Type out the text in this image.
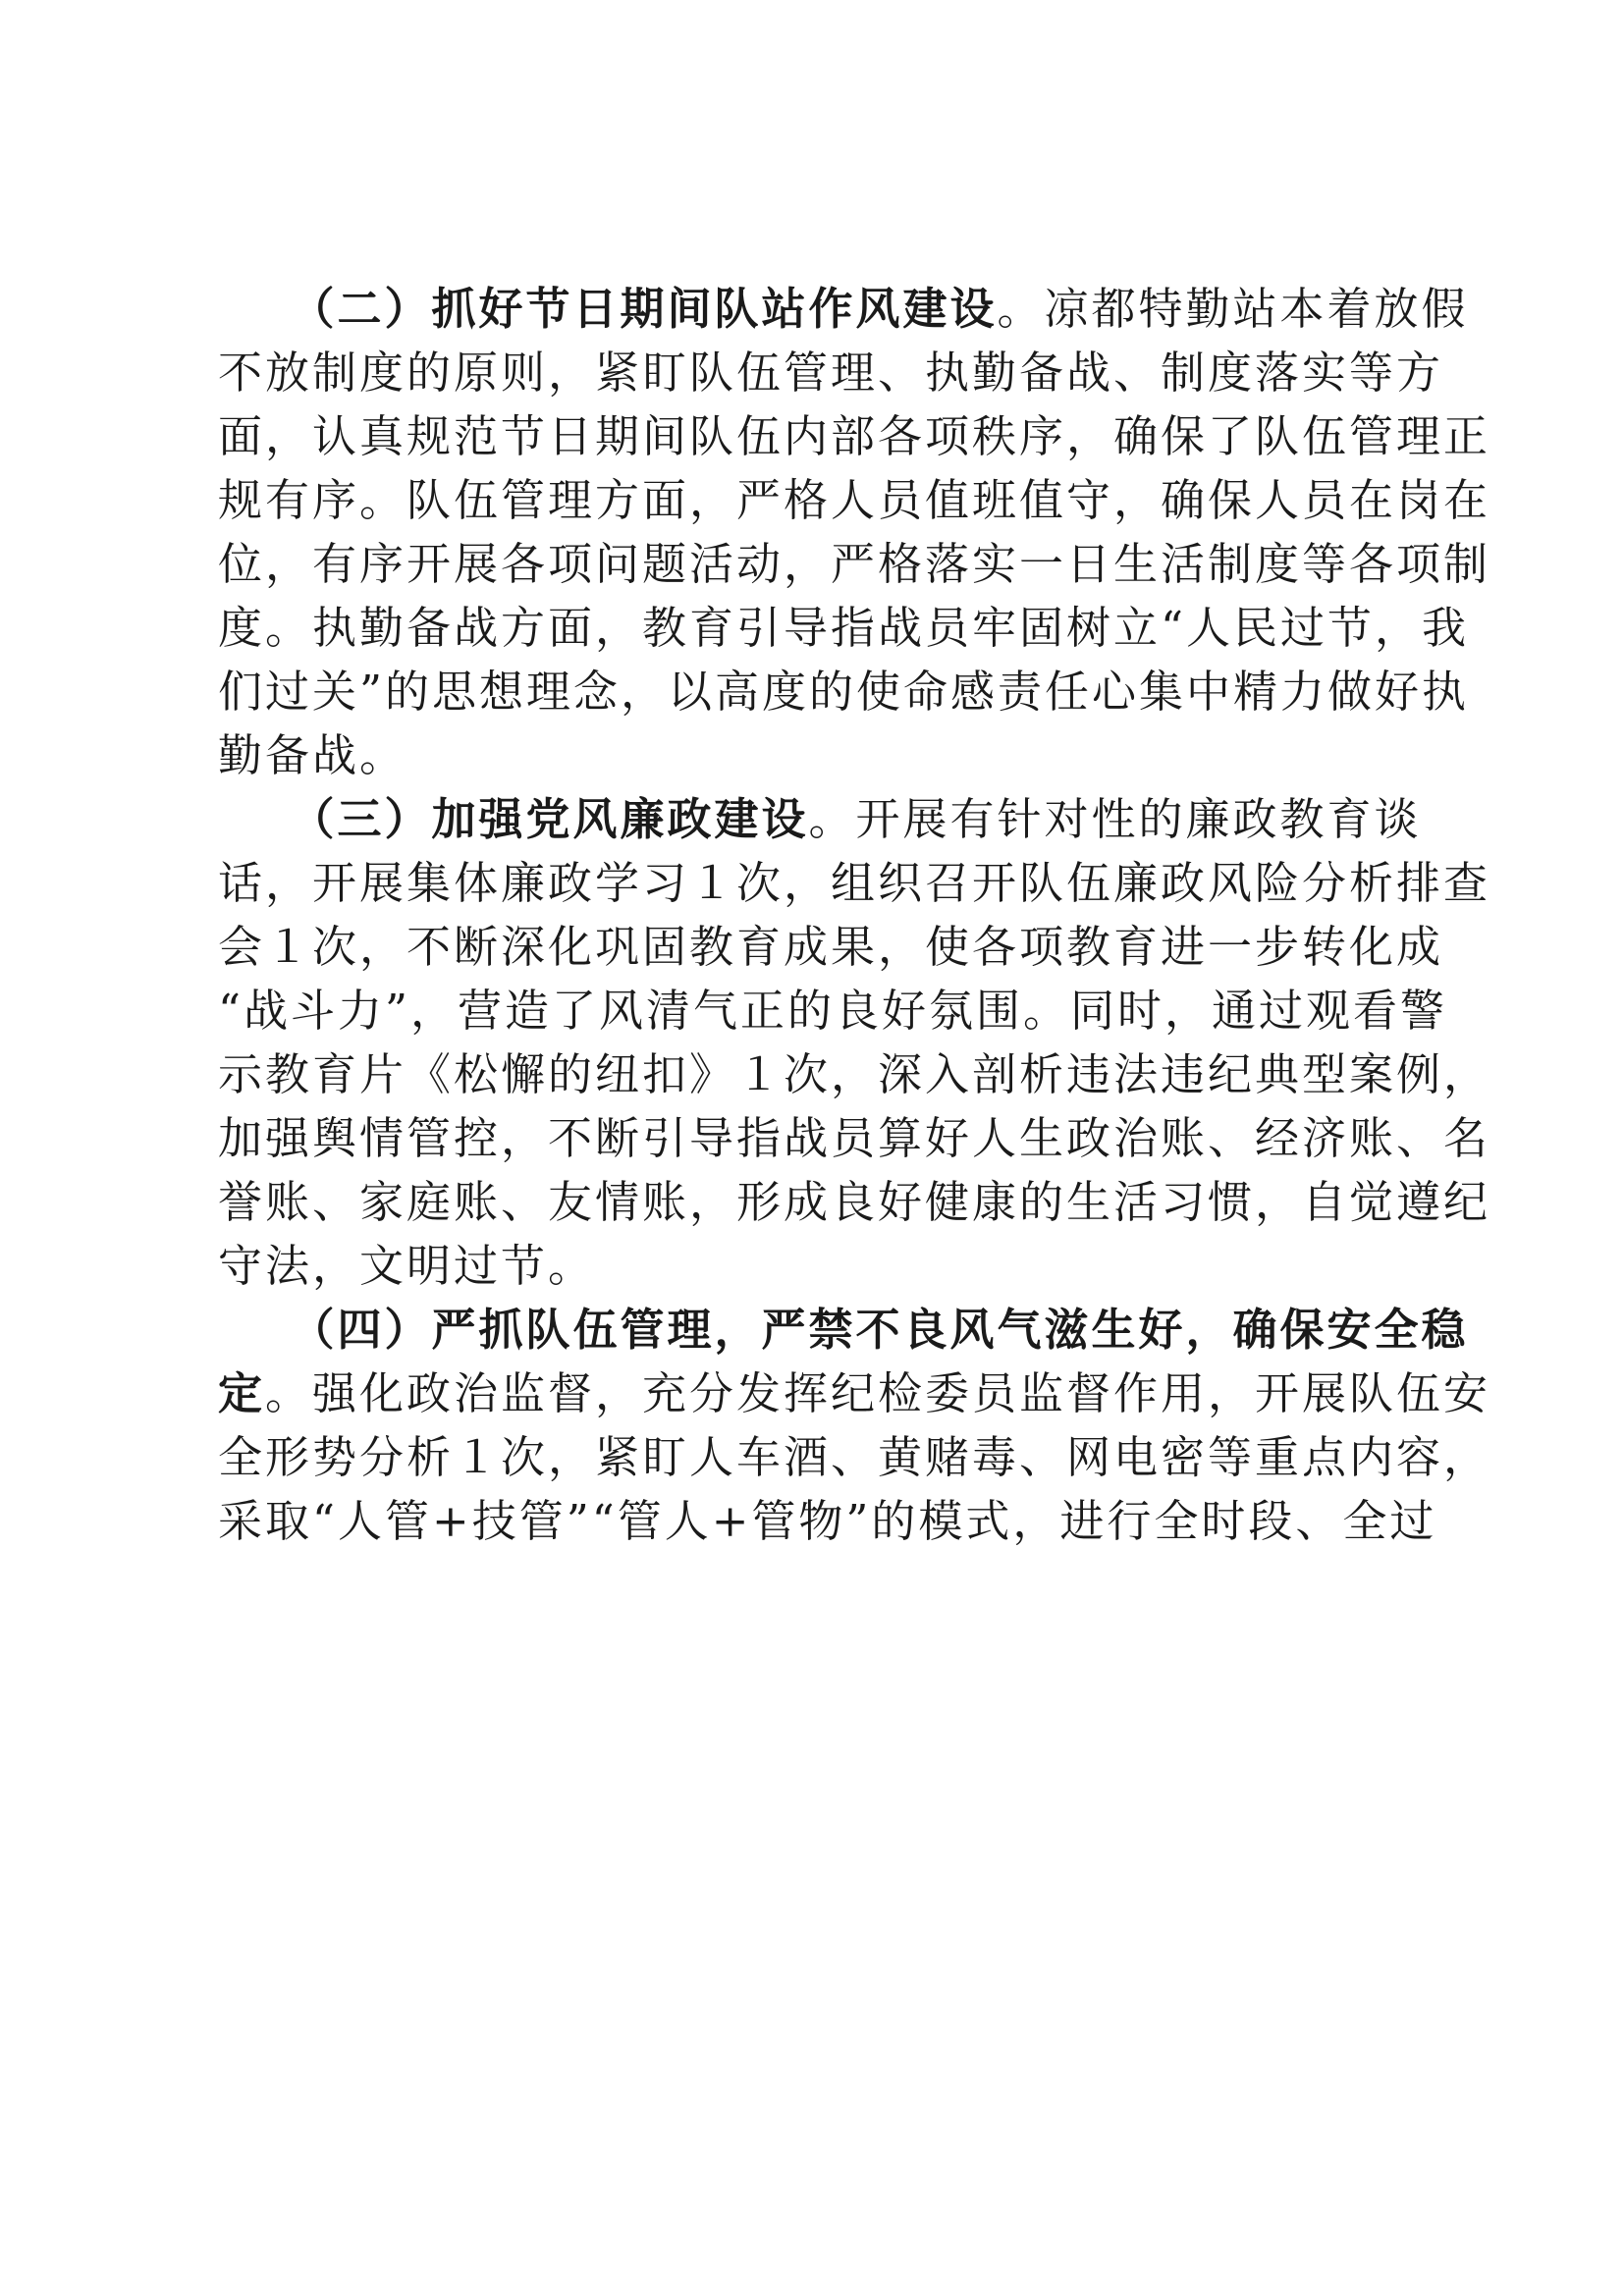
　　（二）抓好节日期间队站作风建设。凉都特勤站本着放假
不放制度的原则，紧盯队伍管理、执勤备战、制度落实等方
面，认真规范节日期间队伍内部各项秩序，确保了队伍管理正
规有序。队伍管理方面，严格人员值班值守，确保人员在岗在
位，有序开展各项问题活动，严格落实一日生活制度等各项制
度。执勤备战方面，教育引导指战员牢固树立“人民过节，我
们过关”的思想理念，以高度的使命感责任心集中精力做好执
勤备战。

　　（三）加强党风廉政建设。开展有针对性的廉政教育谈
话，开展集体廉政学习１次，组织召开队伍廉政风险分析排查
会１次，不断深化巩固教育成果，使各项教育进一步转化成
“战斗力”，营造了风清气正的良好氛围。同时，通过观看警
示教育片《松懈的纽扣》１次，深入剖析违法违纪典型案例，
加强舆情管控，不断引导指战员算好人生政治账、经济账、名
誉账、家庭账、友情账，形成良好健康的生活习惯，自觉遵纪
守法，文明过节。

　　（四）严抓队伍管理，严禁不良风气滋生好，确保安全稳
定。强化政治监督，充分发挥纪检委员监督作用，开展队伍安
全形势分析１次，紧盯人车酒、黄赌毒、网电密等重点内容，
采取“人管+技管”“管人+管物”的模式，进行全时段、全过
